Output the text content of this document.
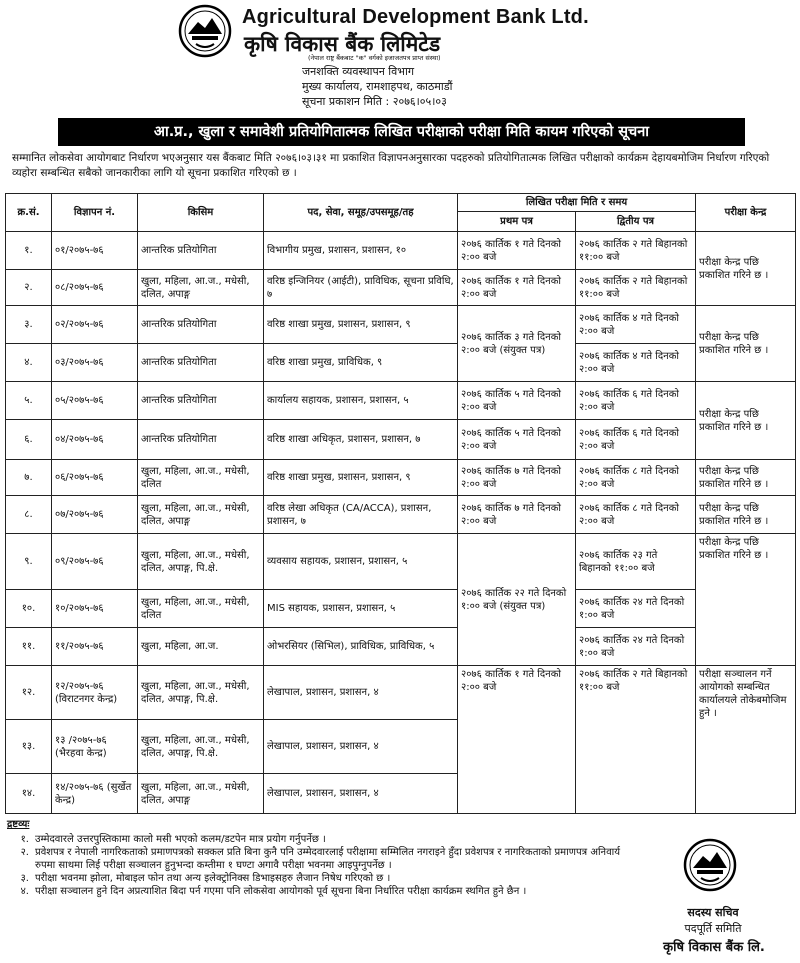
Agricultural Development Bank Ltd.
कृषि विकास बैंक लिमिटेड
(नेपाल राष्ट्र बैंकबाट "क" वर्गको इजाजतपत्र प्राप्त संस्था)
जनशक्ति व्यवस्थापन विभाग
मुख्य कार्यालय, रामशाहपथ, काठमाडौं
सूचना प्रकाशन मिति : २०७६।०५।०३
आ.प्र., खुला र समावेशी प्रतियोगितात्मक लिखित परीक्षाको परीक्षा मिति कायम गरिएको सूचना
सम्मानित लोकसेवा आयोगबाट निर्धारण भएअनुसार यस बैंकबाट मिति २०७६।०३।३१ मा प्रकाशित विज्ञापनअनुसारका पदहरुको प्रतियोगितात्मक लिखित परीक्षाको कार्यक्रम देहायबमोजिम निर्धारण गरिएको व्यहोरा सम्बन्धित सबैको जानकारीका लागि यो सूचना प्रकाशित गरिएको छ ।
क्र.सं.	विज्ञापन नं.	किसिम	पद, सेवा, समूह/उपसमूह/तह	लिखित परीक्षा मिति र समय		परीक्षा केन्द्र
				प्रथम पत्र	द्वितीय पत्र	
१.	०१/२०७५-७६	आन्तरिक प्रतियोगिता	विभागीय प्रमुख, प्रशासन, प्रशासन, १०	२०७६ कार्तिक १ गते दिनको २:०० बजे	२०७६ कार्तिक २ गते बिहानको ११:०० बजे	परीक्षा केन्द्र पछि प्रकाशित गरिने छ ।
२.	०८/२०७५-७६	खुला, महिला, आ.ज., मधेसी, दलित, अपाङ्ग	वरिष्ठ इन्जिनियर (आईटी), प्राविधिक, सूचना प्रविधि, ७	२०७६ कार्तिक १ गते दिनको २:०० बजे	२०७६ कार्तिक २ गते बिहानको ११:०० बजे	
३.	०२/२०७५-७६	आन्तरिक प्रतियोगिता	वरिष्ठ शाखा प्रमुख, प्रशासन, प्रशासन, ९	२०७६ कार्तिक ३ गते दिनको २:०० बजे (संयुक्त पत्र)	२०७६ कार्तिक ४ गते दिनको २:०० बजे	परीक्षा केन्द्र पछि प्रकाशित गरिने छ ।
४.	०३/२०७५-७६	आन्तरिक प्रतियोगिता	वरिष्ठ शाखा प्रमुख, प्राविधिक, ९		२०७६ कार्तिक ४ गते दिनको २:०० बजे	
५.	०५/२०७५-७६	आन्तरिक प्रतियोगिता	कार्यालय सहायक, प्रशासन, प्रशासन, ५	२०७६ कार्तिक ५ गते दिनको २:०० बजे	२०७६ कार्तिक ६ गते दिनको २:०० बजे	परीक्षा केन्द्र पछि प्रकाशित गरिने छ ।
६.	०४/२०७५-७६	आन्तरिक प्रतियोगिता	वरिष्ठ शाखा अधिकृत, प्रशासन, प्रशासन, ७	२०७६ कार्तिक ५ गते दिनको २:०० बजे	२०७६ कार्तिक ६ गते दिनको २:०० बजे	
७.	०६/२०७५-७६	खुला, महिला, आ.ज., मधेसी, दलित	वरिष्ठ शाखा प्रमुख, प्रशासन, प्रशासन, ९	२०७६ कार्तिक ७ गते दिनको २:०० बजे	२०७६ कार्तिक ८ गते दिनको २:०० बजे	परीक्षा केन्द्र पछि प्रकाशित गरिने छ ।
८.	०७/२०७५-७६	खुला, महिला, आ.ज., मधेसी, दलित, अपाङ्ग	वरिष्ठ लेखा अधिकृत (CA/ACCA), प्रशासन, प्रशासन, ७	२०७६ कार्तिक ७ गते दिनको २:०० बजे	२०७६ कार्तिक ८ गते दिनको २:०० बजे	परीक्षा केन्द्र पछि प्रकाशित गरिने छ ।
९.	०९/२०७५-७६	खुला, महिला, आ.ज., मधेसी, दलित, अपाङ्ग, पि.क्षे.	व्यवसाय सहायक, प्रशासन, प्रशासन, ५	२०७६ कार्तिक २२ गते दिनको १:०० बजे (संयुक्त पत्र)	२०७६ कार्तिक २३ गते बिहानको ११:०० बजे	परीक्षा केन्द्र पछि प्रकाशित गरिने छ ।
१०.	१०/२०७५-७६	खुला, महिला, आ.ज., मधेसी, दलित	MIS सहायक, प्रशासन, प्रशासन, ५		२०७६ कार्तिक २४ गते दिनको १:०० बजे	
११.	११/२०७५-७६	खुला, महिला, आ.ज.	ओभरसियर (सिभिल), प्राविधिक, प्राविधिक, ५		२०७६ कार्तिक २४ गते दिनको १:०० बजे	
१२.	१२/२०७५-७६ (विराटनगर केन्द्र)	खुला, महिला, आ.ज., मधेसी, दलित, अपाङ्ग, पि.क्षे.	लेखापाल, प्रशासन, प्रशासन, ४	२०७६ कार्तिक १ गते दिनको २:०० बजे	२०७६ कार्तिक २ गते बिहानको ११:०० बजे	परीक्षा सञ्चालन गर्ने आयोगको सम्बन्धित कार्यालयले तोकेबमोजिम हुने ।
१३.	१३ /२०७५-७६ (भैरहवा केन्द्र)	खुला, महिला, आ.ज., मधेसी, दलित, अपाङ्ग, पि.क्षे.	लेखापाल, प्रशासन, प्रशासन, ४			
१४.	१४/२०७५-७६ (सुर्खेत केन्द्र)	खुला, महिला, आ.ज., मधेसी, दलित, अपाङ्ग	लेखापाल, प्रशासन, प्रशासन, ४			
द्रष्टव्यः
१. उम्मेदवारले उत्तरपुस्तिकामा कालो मसी भएको कलम/डटपेन मात्र प्रयोग गर्नुपर्नेछ ।
२. प्रवेशपत्र र नेपाली नागरिकताको प्रमाणपत्रको सक्कल प्रति बिना कुनै पनि उम्मेदवारलाई परीक्षामा सम्मिलित नगराइने हुँदा प्रवेशपत्र र नागरिकताको प्रमाणपत्र अनिवार्य रुपमा साथमा लिई परीक्षा सञ्चालन हुनुभन्दा कम्तीमा १ घण्टा अगावै परीक्षा भवनमा आइपुग्नुपर्नेछ ।
३. परीक्षा भवनमा झोला, मोबाइल फोन तथा अन्य इलेक्ट्रोनिक्स डिभाइसहरु लैजान निषेध गरिएको छ ।
४. परीक्षा सञ्चालन हुने दिन अप्रत्याशित बिदा पर्न गएमा पनि लोकसेवा आयोगको पूर्व सूचना बिना निर्धारित परीक्षा कार्यक्रम स्थगित हुने छैन ।
सदस्य सचिव
पदपूर्ति समिति
कृषि विकास बैंक लि.
